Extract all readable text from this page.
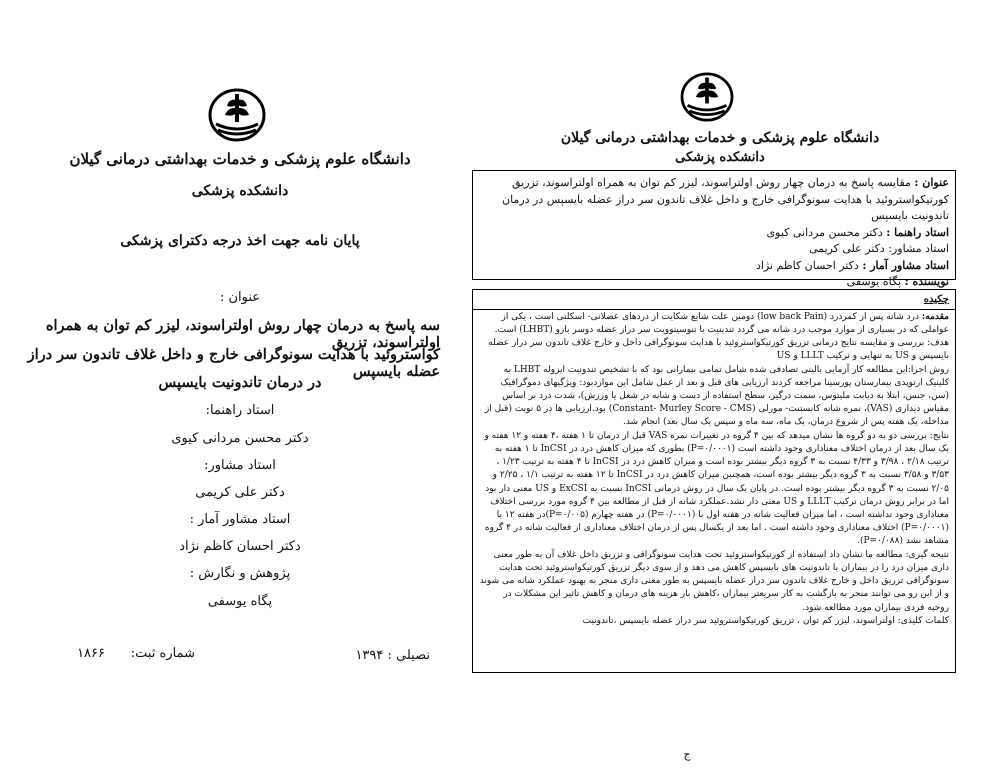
دانشگاه علوم پزشکی و خدمات بهداشتی درمانی گیلان
دانشکده پزشکی
پایان نامه جهت اخذ درجه دکترای پزشکی
عنوان :
سه پاسخ به درمان چهار روش اولتراسوند، لیزر کم توان به همراه اولتراسوند، تزریق
کواستروئید با هدایت سونوگرافی خارج و داخل غلاف تاندون سر دراز عضله بایسپس
در درمان تاندونیت بایسپس
استاد راهنما:
دکتر محسن مردانی کیوی
استاد مشاور:
دکتر علی کریمی
استاد مشاور آمار :
دکتر احسان کاظم نژاد
پژوهش و نگارش :
پگاه یوسفی
نصیلی : ۱۳۹۴
شماره ثبت:
۱۸۶۶
دانشگاه علوم پزشکی و خدمات بهداشتی درمانی گیلان
دانشکده پزشکی

عنوان : مقایسه پاسخ به درمان چهار روش اولتراسوند، لیزر کم توان به همراه اولتراسوند، تزریق کورتیکواستروئید با هدایت سونوگرافی خارج و داخل غلاف تاندون سر دراز عضله بایسپس در درمان تاندونیت بایسپس

استاد راهنما : دکتر محسن مردانی کیوی

استاد مشاور: دکتر علی کریمی

استاد مشاور آمار : دکتر احسان کاظم نژاد

نویسنده : پگاه یوسفی

چکیده

مقدمه: درد شانه پس از کمردرد (low back Pain) دومین علت شایع شکایت از دردهای عضلانی- اسکلتی است ، یکی از عواملی که در بسیاری از موارد موجب درد شانه می گردد تندینیت یا تنوسینوویت سر دراز عضله دوسر بازو (LHBT) است.

هدف: بررسی و مقایسه نتایج درمانی تزریق کورتیکواستروئید با هدایت سونوگرافی داخل و خارج غلاف تاندون سر دراز عضله بایسپس و US به تنهایی و ترکیب LLLT و US

روش اجرا:این مطالعه کار آزمایی بالینی تصادفی شده شامل تمامی بیمارانی بود که با تشخیص تندونیت ایزوله LHBT به کلینیک ارتوپدی بیمارستان پورسینا مراجعه کردند ارزیابی های قبل و بعد از عمل شامل این مواردبود: ویژگیهای دموگرافیک (سن، جنس، ابتلا به دیابت ملیتوس، سمت درگیر، سطح استفاده از دست و شانه در شغل یا ورزش)، شدت درد بر اساس مقیاس دیداری (VAS)، نمره شانه کانستنت- مورلی (Constant- Murley Score - CMS) بود.ارزیابی ها در ۵ نوبت (قبل از مداخله، یک هفته پس از شروع درمان، یک ماه، سه ماه و سپس یک سال بعد) انجام شد.

نتایج: بررسی دو به دو گروه ها نشان میدهد که بین ۴ گروه در تغییرات نمره VAS قبل از درمان تا ۱ هفته ،۴ هفته و ۱۲ هفته و یک سال بعد از درمان اختلاف معناداری وجود داشته است (P=۰/۰۰۰۱) بطوری که میزان کاهش درد در InCSI تا ۱ هفته به ترتیب ۲/۱۸ ، ۳/۹۸ و ۴/۳۳ نسبت به ۳ گروه دیگر بیشتر بوده است و میزان کاهش درد در InCSI تا ۴ هفته به ترتیب ۱/۲۳ ، ۳/۵۳ و ۳/۵۸ نسبت به ۳ گروه دیگر بیشتر بوده است، همچنین میزان کاهش درد در InCSI تا ۱۲ هفته به ترتیب ۱/۱ ، ۲/۲۵ و ۲/۰۵ نسبت به ۳ گروه دیگر بیشتر بوده است. در پایان یک سال در روش درمانی InCSI نسبت به ExCSI و US معنی دار بود اما در برابر روش درمان ترکیب LLLT و US معنی دار نشد.عملکرد شانه از قبل از مطالعه بین ۴ گروه مورد بررسی اختلاف معناداری وجود نداشته است ، اما میزان فعالیت شانه در هفته اول با (P=۰/۰۰۰۱) در هفته چهارم (P=۰/۰۰۵)در هفته ۱۲ با (P=۰/۰۰۰۱) اختلاف معناداری وجود داشته است . اما بعد از یکسال پس از درمان اختلاف معناداری از فعالیت شانه در ۴ گروه مشاهد نشد (P=۰/۰۸۸).

نتیجه گیری: مطالعه ما نشان داد استفاده از کورتیکواستروئید تحت هدایت سونوگرافی و تزریق داخل غلاف آن به طور معنی داری میزان درد را در بیماران با تاندونیت های بایسپس کاهش می دهد و از سوی دیگر تزریق کورتیکواستروئید تحت هدایت سونوگرافی تزریق داخل و خارج غلاف تاندون سر دراز عضله بایسپس به طور معنی داری منجر به بهبود عملکرد شانه می شوند و از این رو می توانند منجر به بازگشت به کار سریعتر بیماران ،کاهش بار هزینه های درمان و کاهش تاثیر این مشکلات در روحیه فردی بیماران مورد مطالعه شود.

کلمات کلیدی: اولتراسوند، لیزر کم توان ، تزریق کورتیکواستروئید سر دراز عضله بایسپس ،تاندونیت

ج
